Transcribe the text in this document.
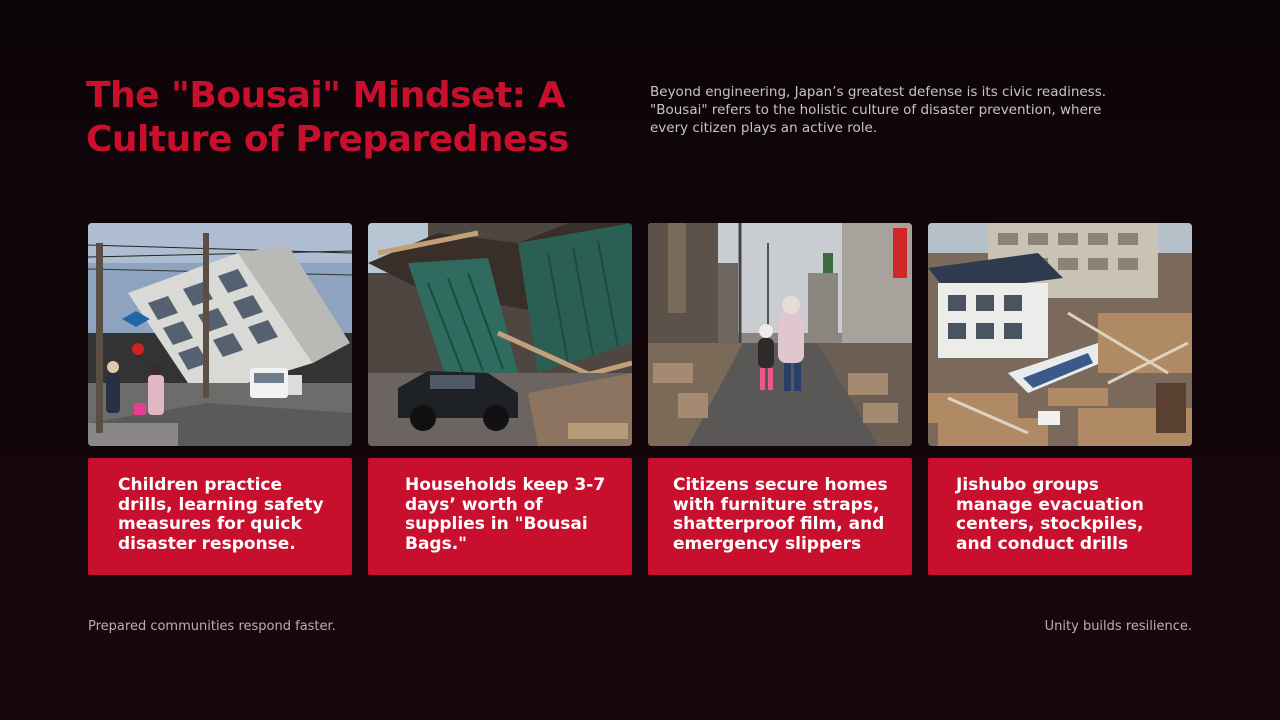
The "Bousai" Mindset: A Culture of Preparedness

Beyond engineering, Japan’s greatest defense is its civic readiness. "Bousai" refers to the holistic culture of disaster prevention, where every citizen plays an active role.

Children practice drills, learning safety measures for quick disaster response.

Households keep 3-7 days’ worth of supplies in "Bousai Bags."

Citizens secure homes with furniture straps, shatterproof film, and emergency slippers

Jishubo groups manage evacuation centers, stockpiles, and conduct drills

Prepared communities respond faster.	Unity builds resilience.
